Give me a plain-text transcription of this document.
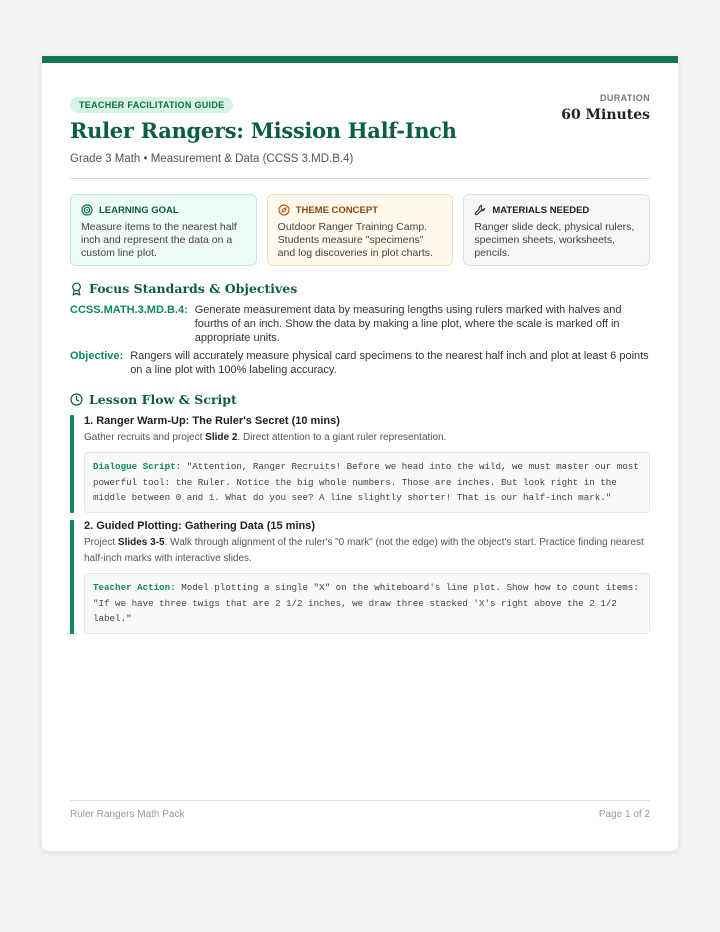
TEACHER FACILITATION GUIDE
Ruler Rangers: Mission Half-Inch
Grade 3 Math • Measurement & Data (CCSS 3.MD.B.4)
DURATION
60 Minutes
LEARNING GOAL
Measure items to the nearest half inch and represent the data on a custom line plot.
THEME CONCEPT
Outdoor Ranger Training Camp. Students measure "specimens" and log discoveries in plot charts.
MATERIALS NEEDED
Ranger slide deck, physical rulers, specimen sheets, worksheets, pencils.
Focus Standards & Objectives
CCSS.MATH.3.MD.B.4: Generate measurement data by measuring lengths using rulers marked with halves and fourths of an inch. Show the data by making a line plot, where the scale is marked off in appropriate units.
Objective: Rangers will accurately measure physical card specimens to the nearest half inch and plot at least 6 points on a line plot with 100% labeling accuracy.
Lesson Flow & Script
1. Ranger Warm-Up: The Ruler's Secret (10 mins)
Gather recruits and project Slide 2. Direct attention to a giant ruler representation.
Dialogue Script: "Attention, Ranger Recruits! Before we head into the wild, we must master our most powerful tool: the Ruler. Notice the big whole numbers. Those are inches. But look right in the middle between 0 and 1. What do you see? A line slightly shorter! That is our half-inch mark."
2. Guided Plotting: Gathering Data (15 mins)
Project Slides 3-5. Walk through alignment of the ruler's "0 mark" (not the edge) with the object's start. Practice finding nearest half-inch marks with interactive slides.
Teacher Action: Model plotting a single "X" on the whiteboard's line plot. Show how to count items: "If we have three twigs that are 2 1/2 inches, we draw three stacked 'X's right above the 2 1/2 label."
Ruler Rangers Math Pack	Page 1 of 2
